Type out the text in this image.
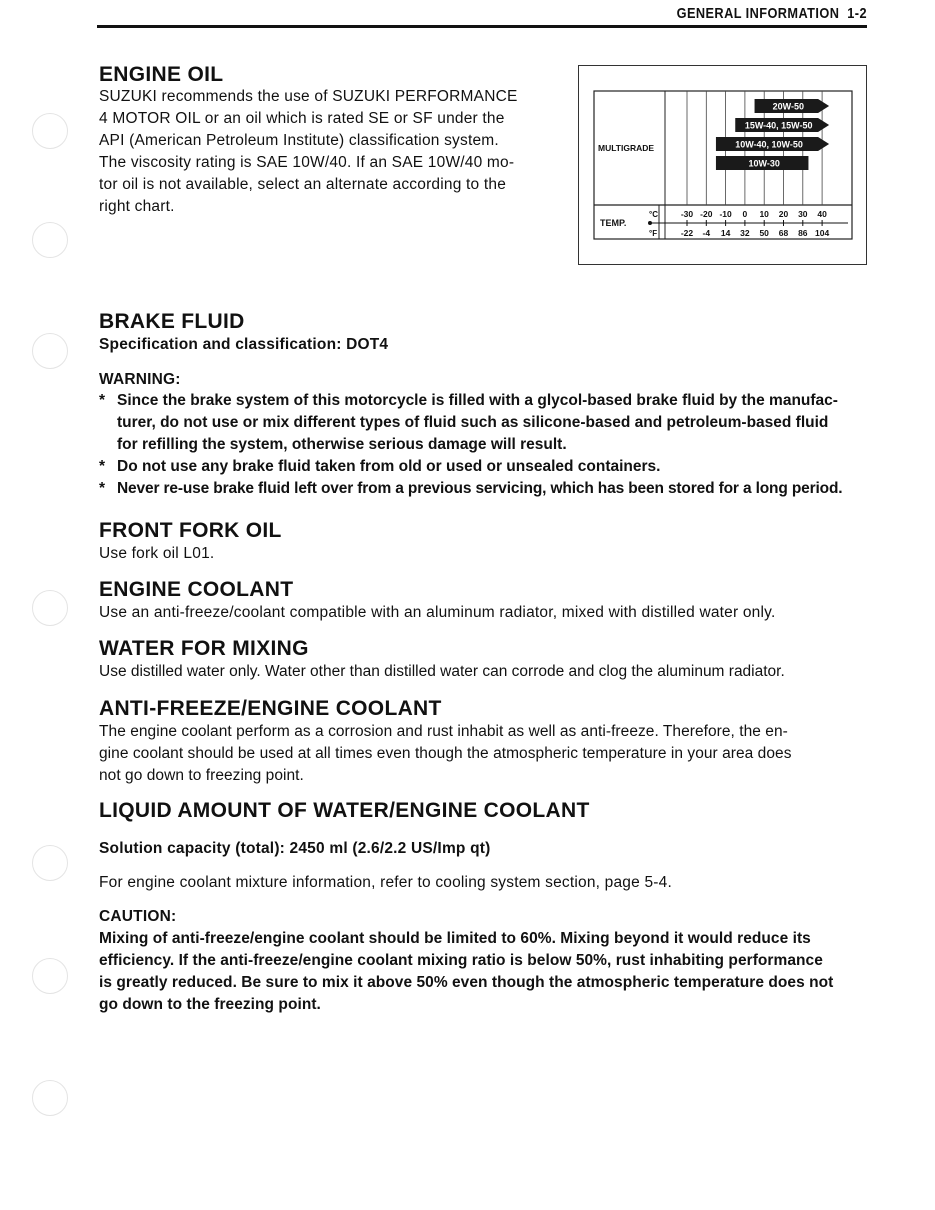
GENERAL INFORMATION 1-2
ENGINE OIL
SUZUKI recommends the use of SUZUKI PERFORMANCE
4 MOTOR OIL or an oil which is rated SE or SF under the
API (American Petroleum Institute) classification system.
The viscosity rating is SAE 10W/40. If an SAE 10W/40 mo-
tor oil is not available, select an alternate according to the
right chart.
20W-50
15W-40, 15W-50
10W-40, 10W-50
10W-30
MULTIGRADE
TEMP.
°C
°F
-30
-22
-20
-4
-10
14
0
32
10
50
20
68
30
86
40
104
BRAKE FLUID
Specification and classification: DOT4
WARNING:
* Since the brake system of this motorcycle is filled with a glycol-based brake fluid by the manufac-
turer, do not use or mix different types of fluid such as silicone-based and petroleum-based fluid
for refilling the system, otherwise serious damage will result.
* Do not use any brake fluid taken from old or used or unsealed containers.
* Never re-use brake fluid left over from a previous servicing, which has been stored for a long period.
FRONT FORK OIL
Use fork oil L01.
ENGINE COOLANT
Use an anti-freeze/coolant compatible with an aluminum radiator, mixed with distilled water only.
WATER FOR MIXING
Use distilled water only. Water other than distilled water can corrode and clog the aluminum radiator.
ANTI-FREEZE/ENGINE COOLANT
The engine coolant perform as a corrosion and rust inhabit as well as anti-freeze. Therefore, the en-
gine coolant should be used at all times even though the atmospheric temperature in your area does
not go down to freezing point.
LIQUID AMOUNT OF WATER/ENGINE COOLANT
Solution capacity (total): 2450 ml (2.6/2.2 US/Imp qt)
For engine coolant mixture information, refer to cooling system section, page 5-4.
CAUTION:
Mixing of anti-freeze/engine coolant should be limited to 60%. Mixing beyond it would reduce its
efficiency. If the anti-freeze/engine coolant mixing ratio is below 50%, rust inhabiting performance
is greatly reduced. Be sure to mix it above 50% even though the atmospheric temperature does not
go down to the freezing point.
